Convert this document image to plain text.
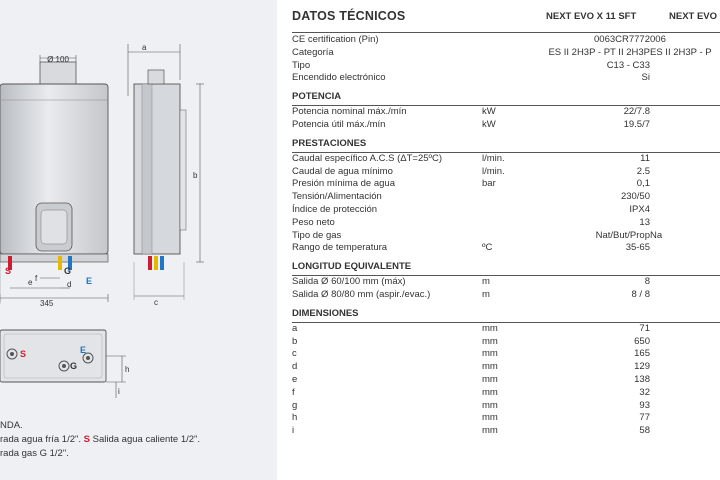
Ø 100
S	G
E
e f
d
345
a
b
c
S
G
E
h
i
NDA.
rada agua fría 1/2". S Salida agua caliente 1/2".
rada gas G 1/2".
DATOS TÉCNICOS	NEXT EVO X 11 SFT	NEXT EVO
CE certification (Pin)	0063CR7772 006
Categoría	ES II 2H3P - PT II 2H3P ES II 2H3P - P
Tipo	C13 - C33
Encendido electrónico	Si
POTENCIA
Potencia nominal máx./mín	kW	22/7.8
Potencia útil máx./mín	kW	19.5/7
PRESTACIONES
Caudal específico A.C.S (ΔT=25ºC)	l/min.	11
Caudal de agua mínimo	l/min.	2.5
Presión mínima de agua	bar	0,1
Tensión/Alimentación	230/50
Índice de protección	IPX4
Peso neto	13
Tipo de gas	Nat/But/Prop Na
Rango de temperatura	ºC	35-65
LONGITUD EQUIVALENTE
Salida Ø 60/100 mm (máx)	m	8
Salida Ø 80/80 mm (aspir./evac.)	m	8 / 8
DIMENSIONES
a	mm	71
b	mm	650
c	mm	165
d	mm	129
e	mm	138
f	mm	32
g	mm	93
h	mm	77
i	mm	58
